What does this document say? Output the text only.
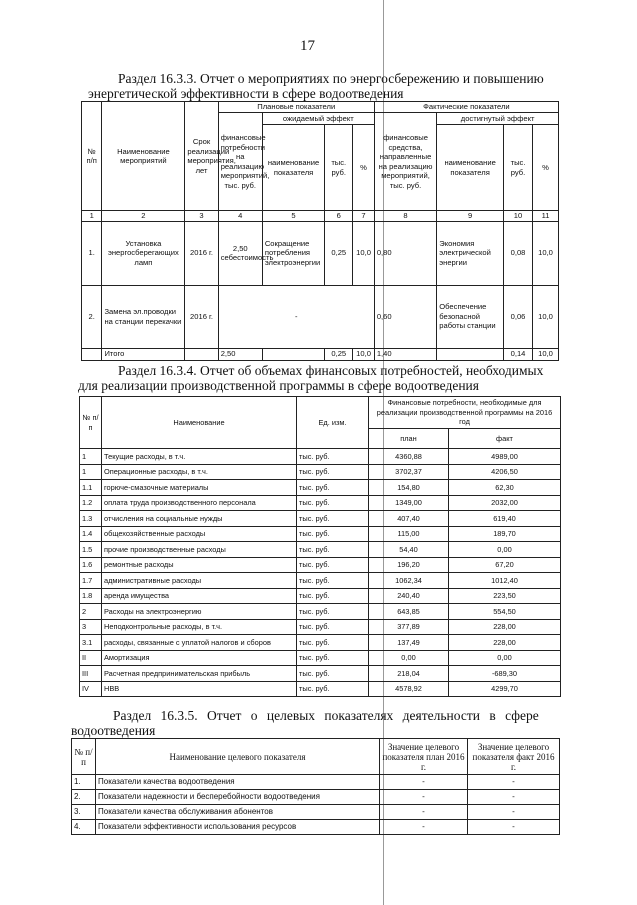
17
Раздел 16.3.3. Отчет о мероприятиях по энергосбережению и повышению
энергетической эффективности в сфере водоотведения
№ п/п	Наименование мероприятий	Срок реализации мероприятия, лет	Плановые показатели				Фактические показатели			
			финансовые потребности на реализацию мероприятий, тыс. руб.	ожидаемый эффект			финансовые средства, направленные на реализацию мероприятий, тыс. руб.	достигнутый эффект		
				наименование показателя	тыс. руб.	%		наименование показателя	тыс. руб.	%
1	2	3	4	5	6	7	8	9	10	11
1.	Установка энергосберегающих ламп	2016 г.	2,50 себестоимость	Сокращение потребления электроэнергии	0,25	10,0	0,80	Экономия электрической энергии	0,08	10,0
2.	Замена эл.проводки на станции перекачки	2016 г.	-				0,60	Обеспечение безопасной работы станции	0,06	10,0
	Итого		2,50		0,25	10,0	1,40		0,14	10,0
Раздел 16.3.4. Отчет об объемах финансовых потребностей, необходимых
для реализации производственной программы в сфере водоотведения
№ п/п	Наименование	Ед. изм.	Финансовые потребности, необходимые для реализации производственной программы на 2016 год	
			план	факт
1	Текущие расходы, в т.ч.	тыс. руб.	4360,88	4989,00
1	Операционные расходы, в т.ч.	тыс. руб.	3702,37	4206,50
1.1	горюче-смазочные материалы	тыс. руб.	154,80	62,30
1.2	оплата труда производственного персонала	тыс. руб.	1349,00	2032,00
1.3	отчисления на социальные нужды	тыс. руб.	407,40	619,40
1.4	общехозяйственные расходы	тыс. руб.	115,00	189,70
1.5	прочие производственные расходы	тыс. руб.	54,40	0,00
1.6	ремонтные расходы	тыс. руб.	196,20	67,20
1.7	административные расходы	тыс. руб.	1062,34	1012,40
1.8	аренда имущества	тыс. руб.	240,40	223,50
2	Расходы на электроэнергию	тыс. руб.	643,85	554,50
3	Неподконтрольные расходы, в т.ч.	тыс. руб.	377,89	228,00
3.1	расходы, связанные с уплатой налогов и сборов	тыс. руб.	137,49	228,00
II	Амортизация	тыс. руб.	0,00	0,00
III	Расчетная предпринимательская прибыль	тыс. руб.	218,04	-689,30
IV	НВВ	тыс. руб.	4578,92	4299,70
Раздел 16.3.5. Отчет о целевых показателях деятельности в сфере
водоотведения
№ п/п	Наименование целевого показателя	Значение целевого показателя план 2016 г.	Значение целевого показателя факт 2016 г.
1.	Показатели качества водоотведения	-	-
2.	Показатели надежности и бесперебойности водоотведения	-	-
3.	Показатели качества обслуживания абонентов	-	-
4.	Показатели эффективности использования ресурсов	-	-
